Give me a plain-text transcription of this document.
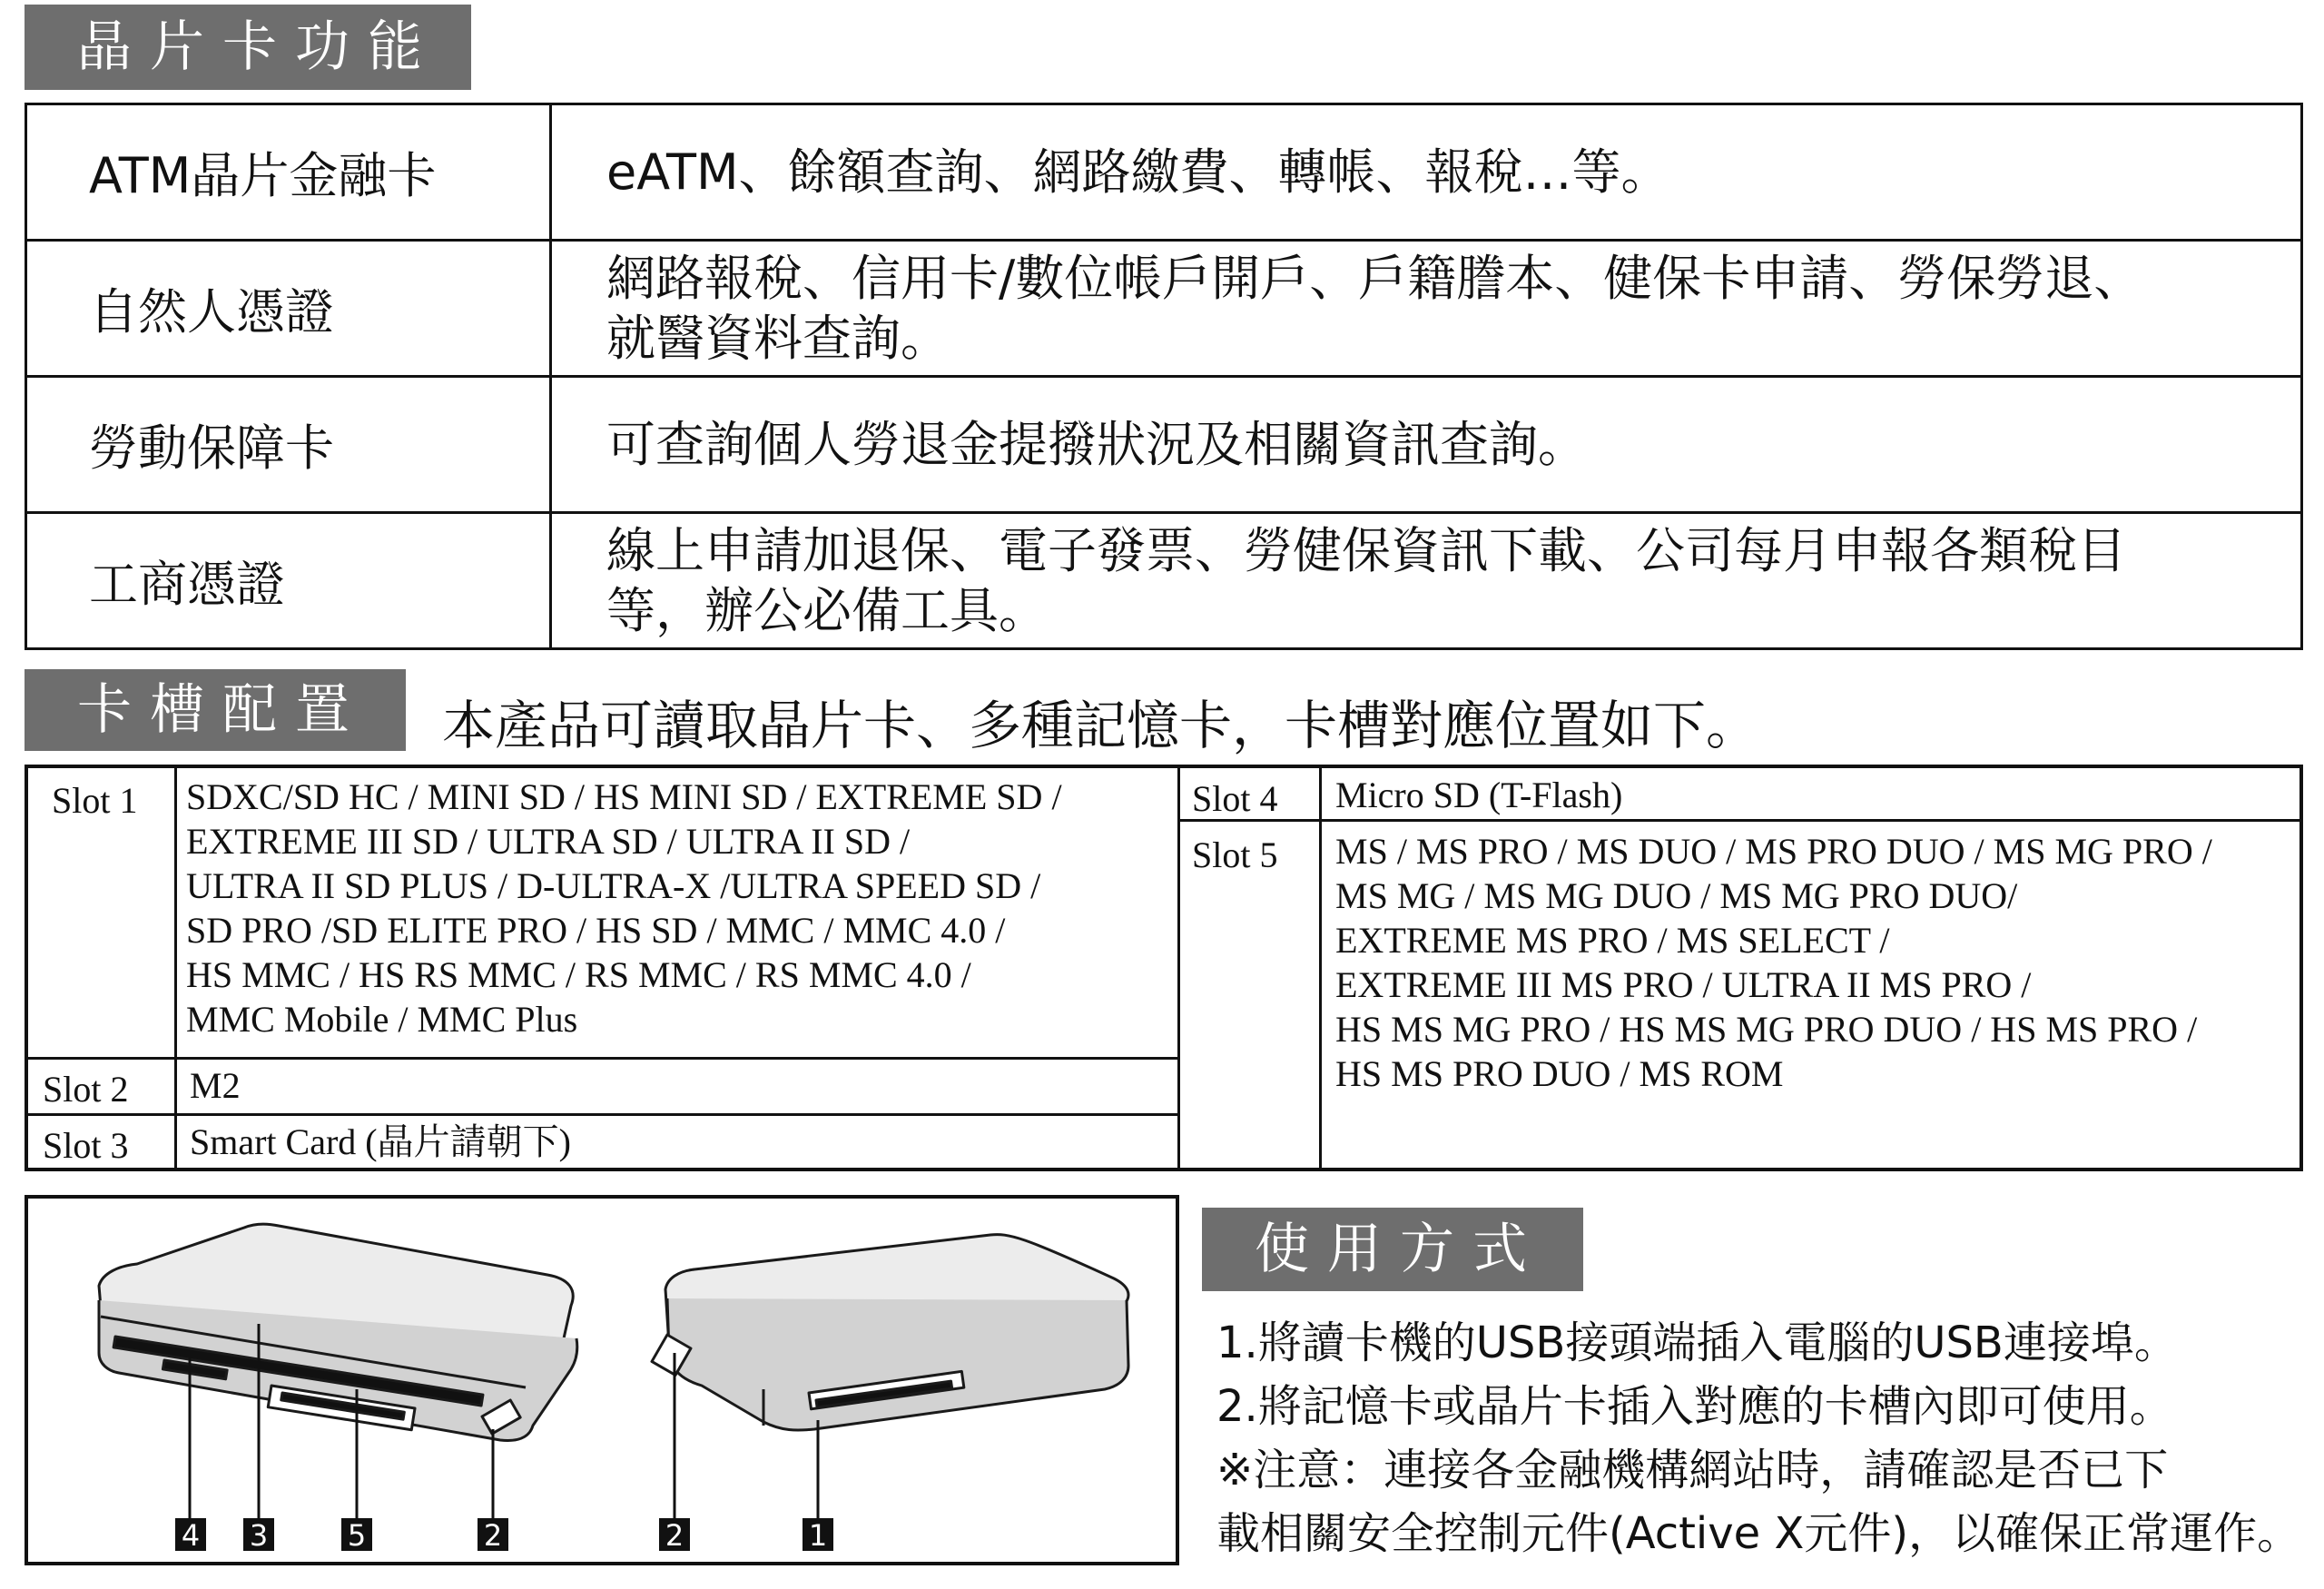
晶片卡功能
ATM晶片金融卡	eATM、餘額查詢、網路繳費、轉帳、報稅…等。

自然人憑證	網路報稅、信用卡/數位帳戶開戶、戶籍謄本、健保卡申請、勞保勞退、
就醫資料查詢。

勞動保障卡	可查詢個人勞退金提撥狀況及相關資訊查詢。

工商憑證	線上申請加退保、電子發票、勞健保資訊下載、公司每月申報各類稅目
等，辦公必備工具。
卡槽配置	本產品可讀取晶片卡、多種記憶卡，卡槽對應位置如下。
Slot 1 SDXC/SD HC / MINI SD / HS MINI SD / EXTREME SD /
EXTREME III SD / ULTRA SD / ULTRA II SD /
ULTRA II SD PLUS / D-ULTRA-X /ULTRA SPEED SD /
SD PRO /SD ELITE PRO / HS SD / MMC / MMC 4.0 /
HS MMC / HS RS MMC / RS MMC / RS MMC 4.0 /
MMC Mobile / MMC Plus
Slot 2 M2
Slot 3 Smart Card (晶片請朝下)
Slot 4 Micro SD (T-Flash)
Slot 5 MS / MS PRO / MS DUO / MS PRO DUO / MS MG PRO /
MS MG / MS MG DUO / MS MG PRO DUO/
EXTREME MS PRO / MS SELECT /
EXTREME III MS PRO / ULTRA II MS PRO /
HS MS MG PRO / HS MS MG PRO DUO / HS MS PRO /
HS MS PRO DUO / MS ROM
4 3	5	2	2	1
使用方式
1.將讀卡機的USB接頭端插入電腦的USB連接埠。
2.將記憶卡或晶片卡插入對應的卡槽內即可使用。
※注意：連接各金融機構網站時，請確認是否已下
載相關安全控制元件(Active X元件)，以確保正常運作。
